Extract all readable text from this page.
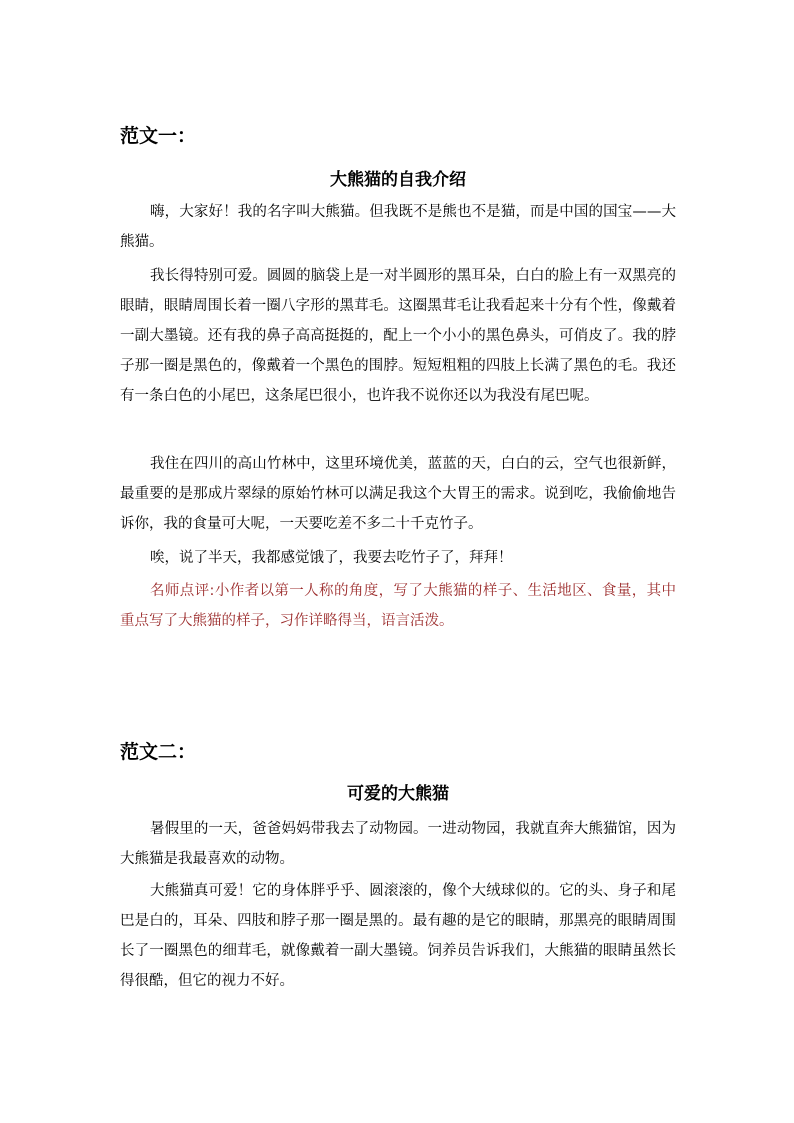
范文一：
大熊猫的自我介绍

嗨，大家好！我的名字叫大熊猫。但我既不是熊也不是猫，而是中国的国宝——大熊猫。

我长得特别可爱。圆圆的脑袋上是一对半圆形的黑耳朵，白白的脸上有一双黑亮的眼睛，眼睛周围长着一圈八字形的黑茸毛。这圈黑茸毛让我看起来十分有个性，像戴着一副大墨镜。还有我的鼻子高高挺挺的，配上一个小小的黑色鼻头，可俏皮了。我的脖子那一圈是黑色的，像戴着一个黑色的围脖。短短粗粗的四肢上长满了黑色的毛。我还有一条白色的小尾巴，这条尾巴很小，也许我不说你还以为我没有尾巴呢。

我住在四川的高山竹林中，这里环境优美，蓝蓝的天，白白的云，空气也很新鲜，最重要的是那成片翠绿的原始竹林可以满足我这个大胃王的需求。说到吃，我偷偷地告诉你，我的食量可大呢，一天要吃差不多二十千克竹子。

唉，说了半天，我都感觉饿了，我要去吃竹子了，拜拜！

名师点评:小作者以第一人称的角度，写了大熊猫的样子、生活地区、食量，其中重点写了大熊猫的样子，习作详略得当，语言活泼。

范文二：
可爱的大熊猫

暑假里的一天，爸爸妈妈带我去了动物园。一进动物园，我就直奔大熊猫馆，因为大熊猫是我最喜欢的动物。

大熊猫真可爱！它的身体胖乎乎、圆滚滚的，像个大绒球似的。它的头、身子和尾巴是白的，耳朵、四肢和脖子那一圈是黑的。最有趣的是它的眼睛，那黑亮的眼睛周围长了一圈黑色的细茸毛，就像戴着一副大墨镜。饲养员告诉我们，大熊猫的眼睛虽然长得很酷，但它的视力不好。
